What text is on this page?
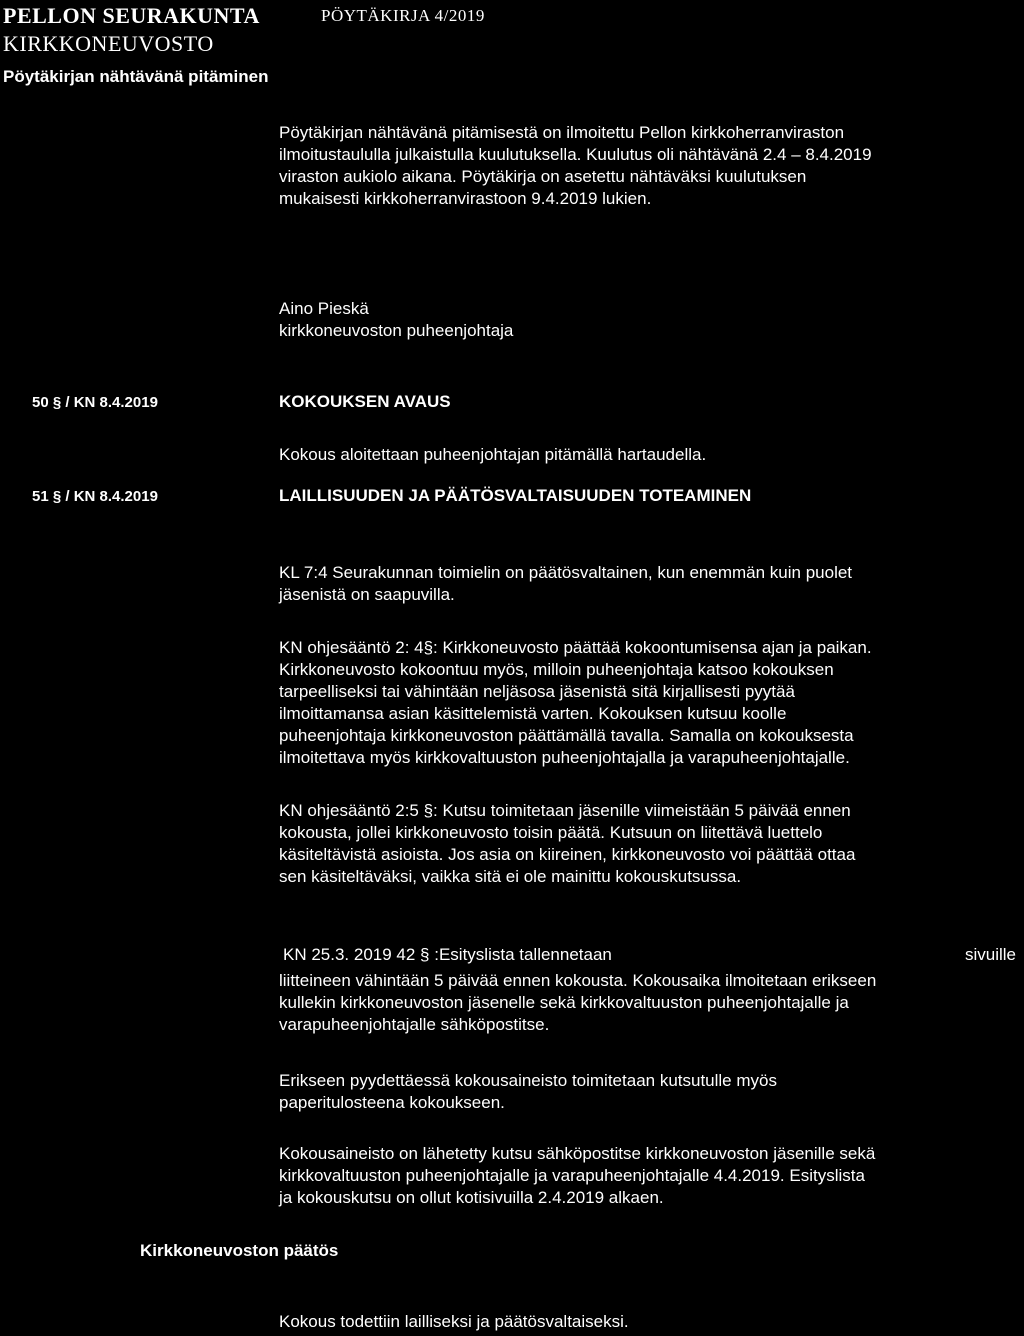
PELLON SEURAKUNTA
KIRKKONEUVOSTO
PÖYTÄKIRJA 4/2019
Pöytäkirjan nähtävänä pitäminen

Pöytäkirjan nähtävänä pitämisestä on ilmoitettu Pellon kirkkoherranviraston

ilmoitustaululla julkaistulla kuulutuksella. Kuulutus oli nähtävänä 2.4 – 8.4.2019

viraston aukiolo aikana. Pöytäkirja on asetettu nähtäväksi kuulutuksen

mukaisesti kirkkoherranvirastoon 9.4.2019 lukien.

Aino Pieskä

kirkkoneuvoston puheenjohtaja

50 § / KN 8.4.2019	KOKOUKSEN AVAUS
Kokous aloitettaan puheenjohtajan pitämällä hartaudella.
51 § / KN 8.4.2019	LAILLISUUDEN JA PÄÄTÖSVALTAISUUDEN TOTEAMINEN

KL 7:4 Seurakunnan toimielin on päätösvaltainen, kun enemmän kuin puolet

jäsenistä on saapuvilla.

KN ohjesääntö 2: 4§: Kirkkoneuvosto päättää kokoontumisensa ajan ja paikan.

Kirkkoneuvosto kokoontuu myös, milloin puheenjohtaja katsoo kokouksen

tarpeelliseksi tai vähintään neljäsosa jäsenistä sitä kirjallisesti pyytää

ilmoittamansa asian käsittelemistä varten. Kokouksen kutsuu koolle

puheenjohtaja kirkkoneuvoston päättämällä tavalla. Samalla on kokouksesta

ilmoitettava myös kirkkovaltuuston puheenjohtajalla ja varapuheenjohtajalle.

KN ohjesääntö 2:5 §: Kutsu toimitetaan jäsenille viimeistään 5 päivää ennen

kokousta, jollei kirkkoneuvosto toisin päätä. Kutsuun on liitettävä luettelo

käsiteltävistä asioista. Jos asia on kiireinen, kirkkoneuvosto voi päättää ottaa

sen käsiteltäväksi, vaikka sitä ei ole mainittu kokouskutsussa.

KN 25.3. 2019 42 § :Esityslista tallennetaan	sivuille

liitteineen vähintään 5 päivää ennen kokousta. Kokousaika ilmoitetaan erikseen

kullekin kirkkoneuvoston jäsenelle sekä kirkkovaltuuston puheenjohtajalle ja

varapuheenjohtajalle sähköpostitse.

Erikseen pyydettäessä kokousaineisto toimitetaan kutsutulle myös

paperitulosteena kokoukseen.

Kokousaineisto on lähetetty kutsu sähköpostitse kirkkoneuvoston jäsenille sekä

kirkkovaltuuston puheenjohtajalle ja varapuheenjohtajalle 4.4.2019. Esityslista

ja kokouskutsu on ollut kotisivuilla 2.4.2019 alkaen.

Kirkkoneuvoston päätös
Kokous todettiin lailliseksi ja päätösvaltaiseksi.
